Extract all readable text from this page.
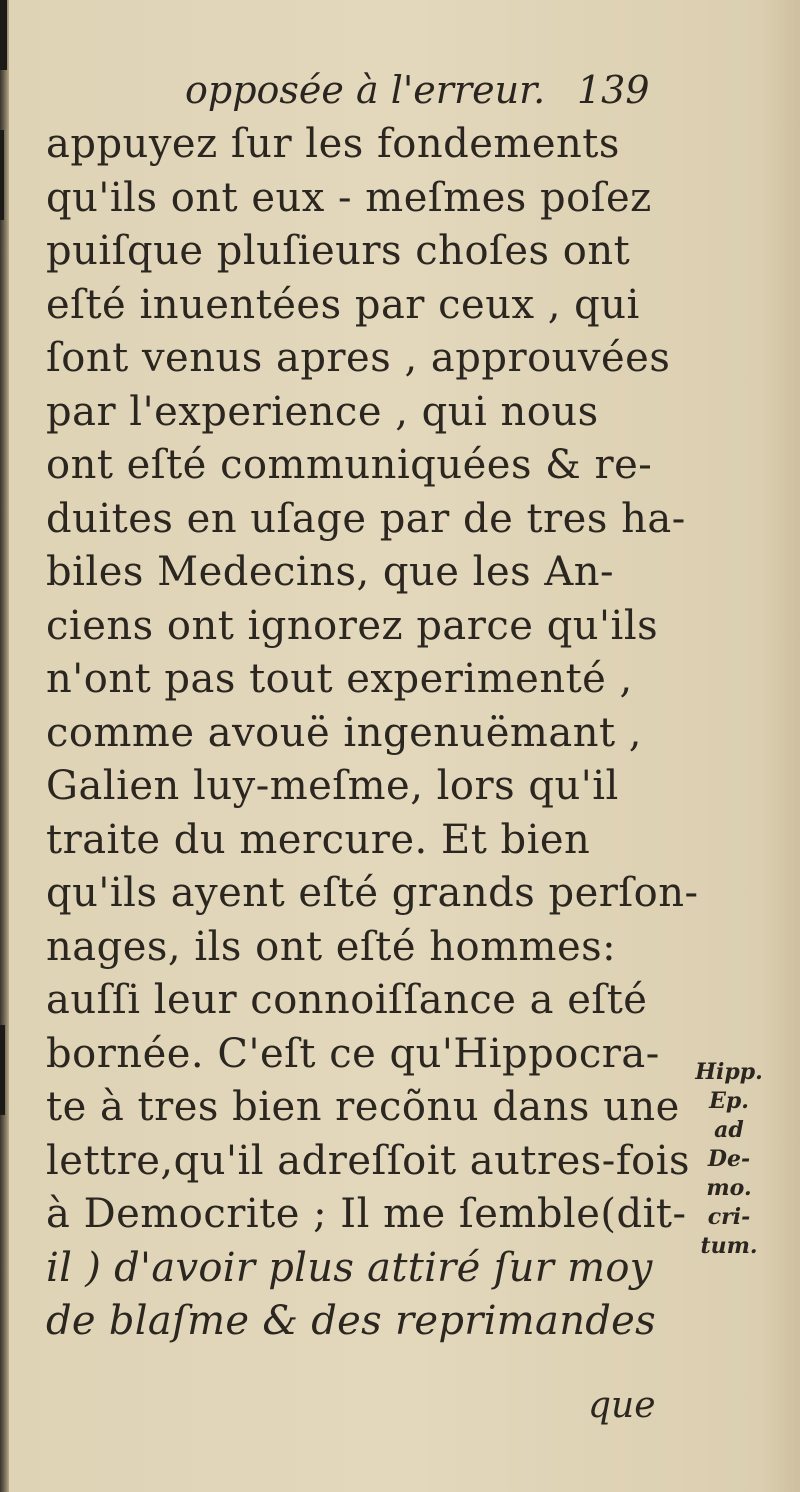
opposée à l'erreur. 139
appuyez ſur les fondements
qu'ils ont eux - meſmes poſez
puiſque pluſieurs choſes ont
eſté inuentées par ceux , qui
ſont venus apres , approuvées
par l'experience , qui nous
ont eſté communiquées & re-
duites en uſage par de tres ha-
biles Medecins, que les An-
ciens ont ignorez parce qu'ils
n'ont pas tout experimenté ,
comme avouë ingenuëmant ,
Galien luy-meſme, lors qu'il
traite du mercure. Et bien
qu'ils ayent eſté grands perſon-
nages, ils ont eſté hommes:
auſſi leur connoiſſance a eſté
bornée. C'eſt ce qu'Hippocra-
te à tres bien recõnu dans une
lettre,qu'il adreſſoit autres-fois
à Democrite ; Il me ſemble(dit-
il ) d'avoir plus attiré ſur moy
de blaſme & des reprimandes
que
Hipp.
Ep.
ad
De-
mo.
cri-
tum.
